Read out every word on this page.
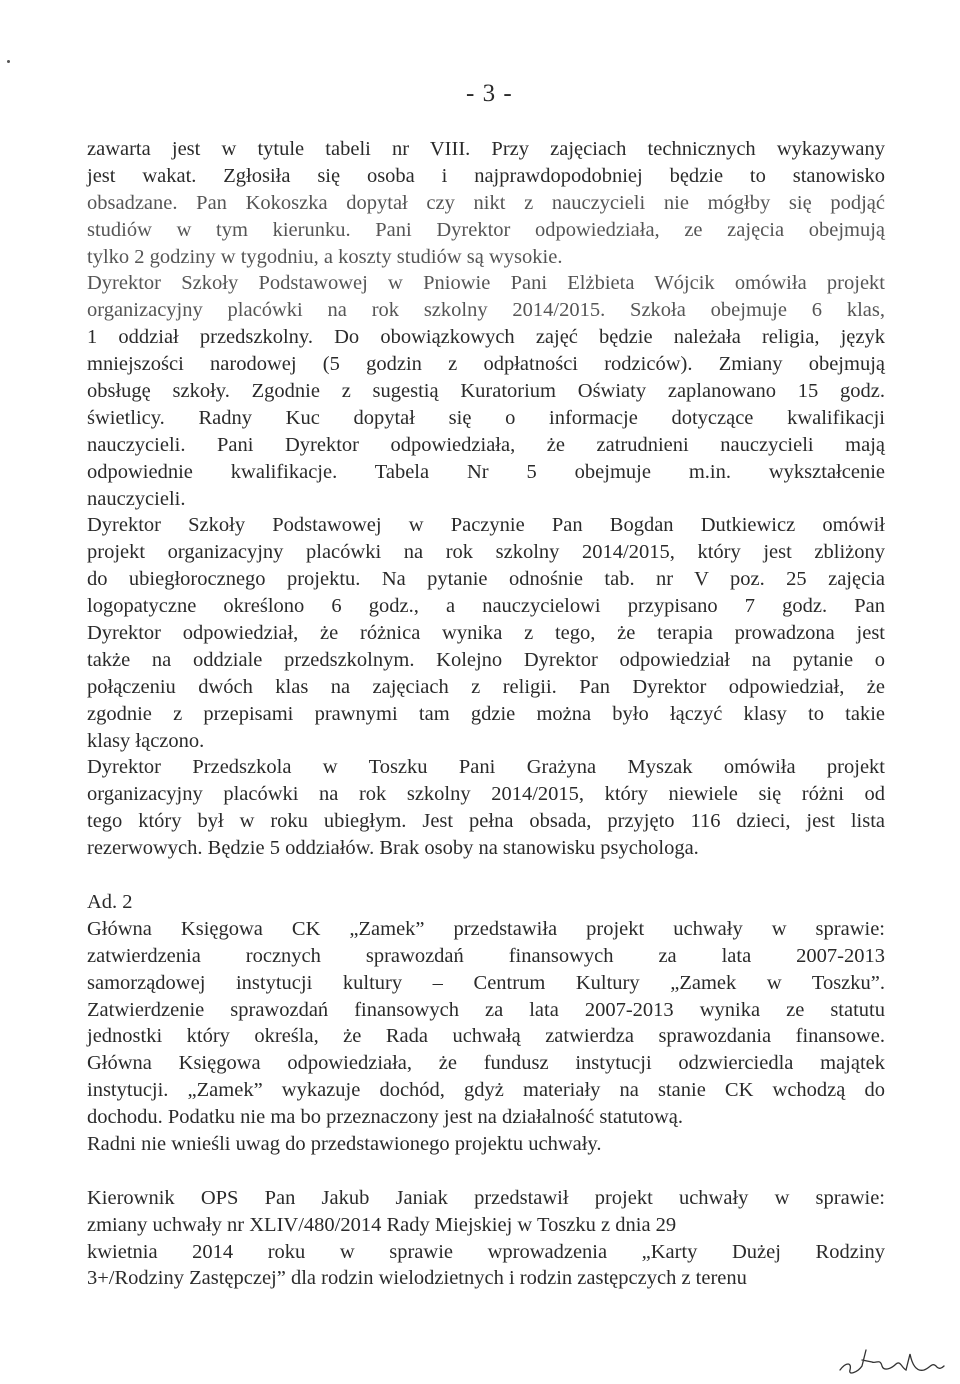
- 3 -
zawarta jest w tytule tabeli nr VIII. Przy zajęciach technicznych wykazywany
jest wakat. Zgłosiła się osoba i najprawdopodobniej będzie to stanowisko
obsadzane. Pan Kokoszka dopytał czy nikt z nauczycieli nie mógłby się podjąć
studiów w tym kierunku. Pani Dyrektor odpowiedziała, ze zajęcia obejmują
tylko 2 godziny w tygodniu, a koszty studiów są wysokie.
Dyrektor Szkoły Podstawowej w Pniowie Pani Elżbieta Wójcik omówiła projekt
organizacyjny placówki na rok szkolny 2014/2015. Szkoła obejmuje 6 klas,
1 oddział przedszkolny. Do obowiązkowych zajęć będzie należała religia, język
mniejszości narodowej (5 godzin z odpłatności rodziców). Zmiany obejmują
obsługę szkoły. Zgodnie z sugestią Kuratorium Oświaty zaplanowano 15 godz.
świetlicy. Radny Kuc dopytał się o informacje dotyczące kwalifikacji
nauczycieli. Pani Dyrektor odpowiedziała, że zatrudnieni nauczycieli mają
odpowiednie kwalifikacje. Tabela Nr 5 obejmuje m.in. wykształcenie
nauczycieli.
Dyrektor Szkoły Podstawowej w Paczynie Pan Bogdan Dutkiewicz omówił
projekt organizacyjny placówki na rok szkolny 2014/2015, który jest zbliżony
do ubiegłorocznego projektu. Na pytanie odnośnie tab. nr V poz. 25 zajęcia
logopatyczne określono 6 godz., a nauczycielowi przypisano 7 godz. Pan
Dyrektor odpowiedział, że różnica wynika z tego, że terapia prowadzona jest
także na oddziale przedszkolnym. Kolejno Dyrektor odpowiedział na pytanie o
połączeniu dwóch klas na zajęciach z religii. Pan Dyrektor odpowiedział, że
zgodnie z przepisami prawnymi tam gdzie można było łączyć klasy to takie
klasy łączono.
Dyrektor Przedszkola w Toszku Pani Grażyna Myszak omówiła projekt
organizacyjny placówki na rok szkolny 2014/2015, który niewiele się różni od
tego który był w roku ubiegłym. Jest pełna obsada, przyjęto 116 dzieci, jest lista
rezerwowych. Będzie 5 oddziałów. Brak osoby na stanowisku psychologa.
Ad. 2
Główna Księgowa CK „Zamek” przedstawiła projekt uchwały w sprawie:
zatwierdzenia rocznych sprawozdań finansowych za lata 2007-2013
samorządowej instytucji kultury – Centrum Kultury „Zamek w Toszku”.
Zatwierdzenie sprawozdań finansowych za lata 2007-2013 wynika ze statutu
jednostki który określa, że Rada uchwałą zatwierdza sprawozdania finansowe.
Główna Księgowa odpowiedziała, że fundusz instytucji odzwierciedla majątek
instytucji. „Zamek” wykazuje dochód, gdyż materiały na stanie CK wchodzą do
dochodu. Podatku nie ma bo przeznaczony jest na działalność statutową.
Radni nie wnieśli uwag do przedstawionego projektu uchwały.
Kierownik OPS Pan Jakub Janiak przedstawił projekt uchwały w sprawie:
zmiany uchwały nr XLIV/480/2014 Rady Miejskiej w Toszku z dnia 29
kwietnia 2014 roku w sprawie wprowadzenia „Karty Dużej Rodziny
3+/Rodziny Zastępczej” dla rodzin wielodzietnych i rodzin zastępczych z terenu
